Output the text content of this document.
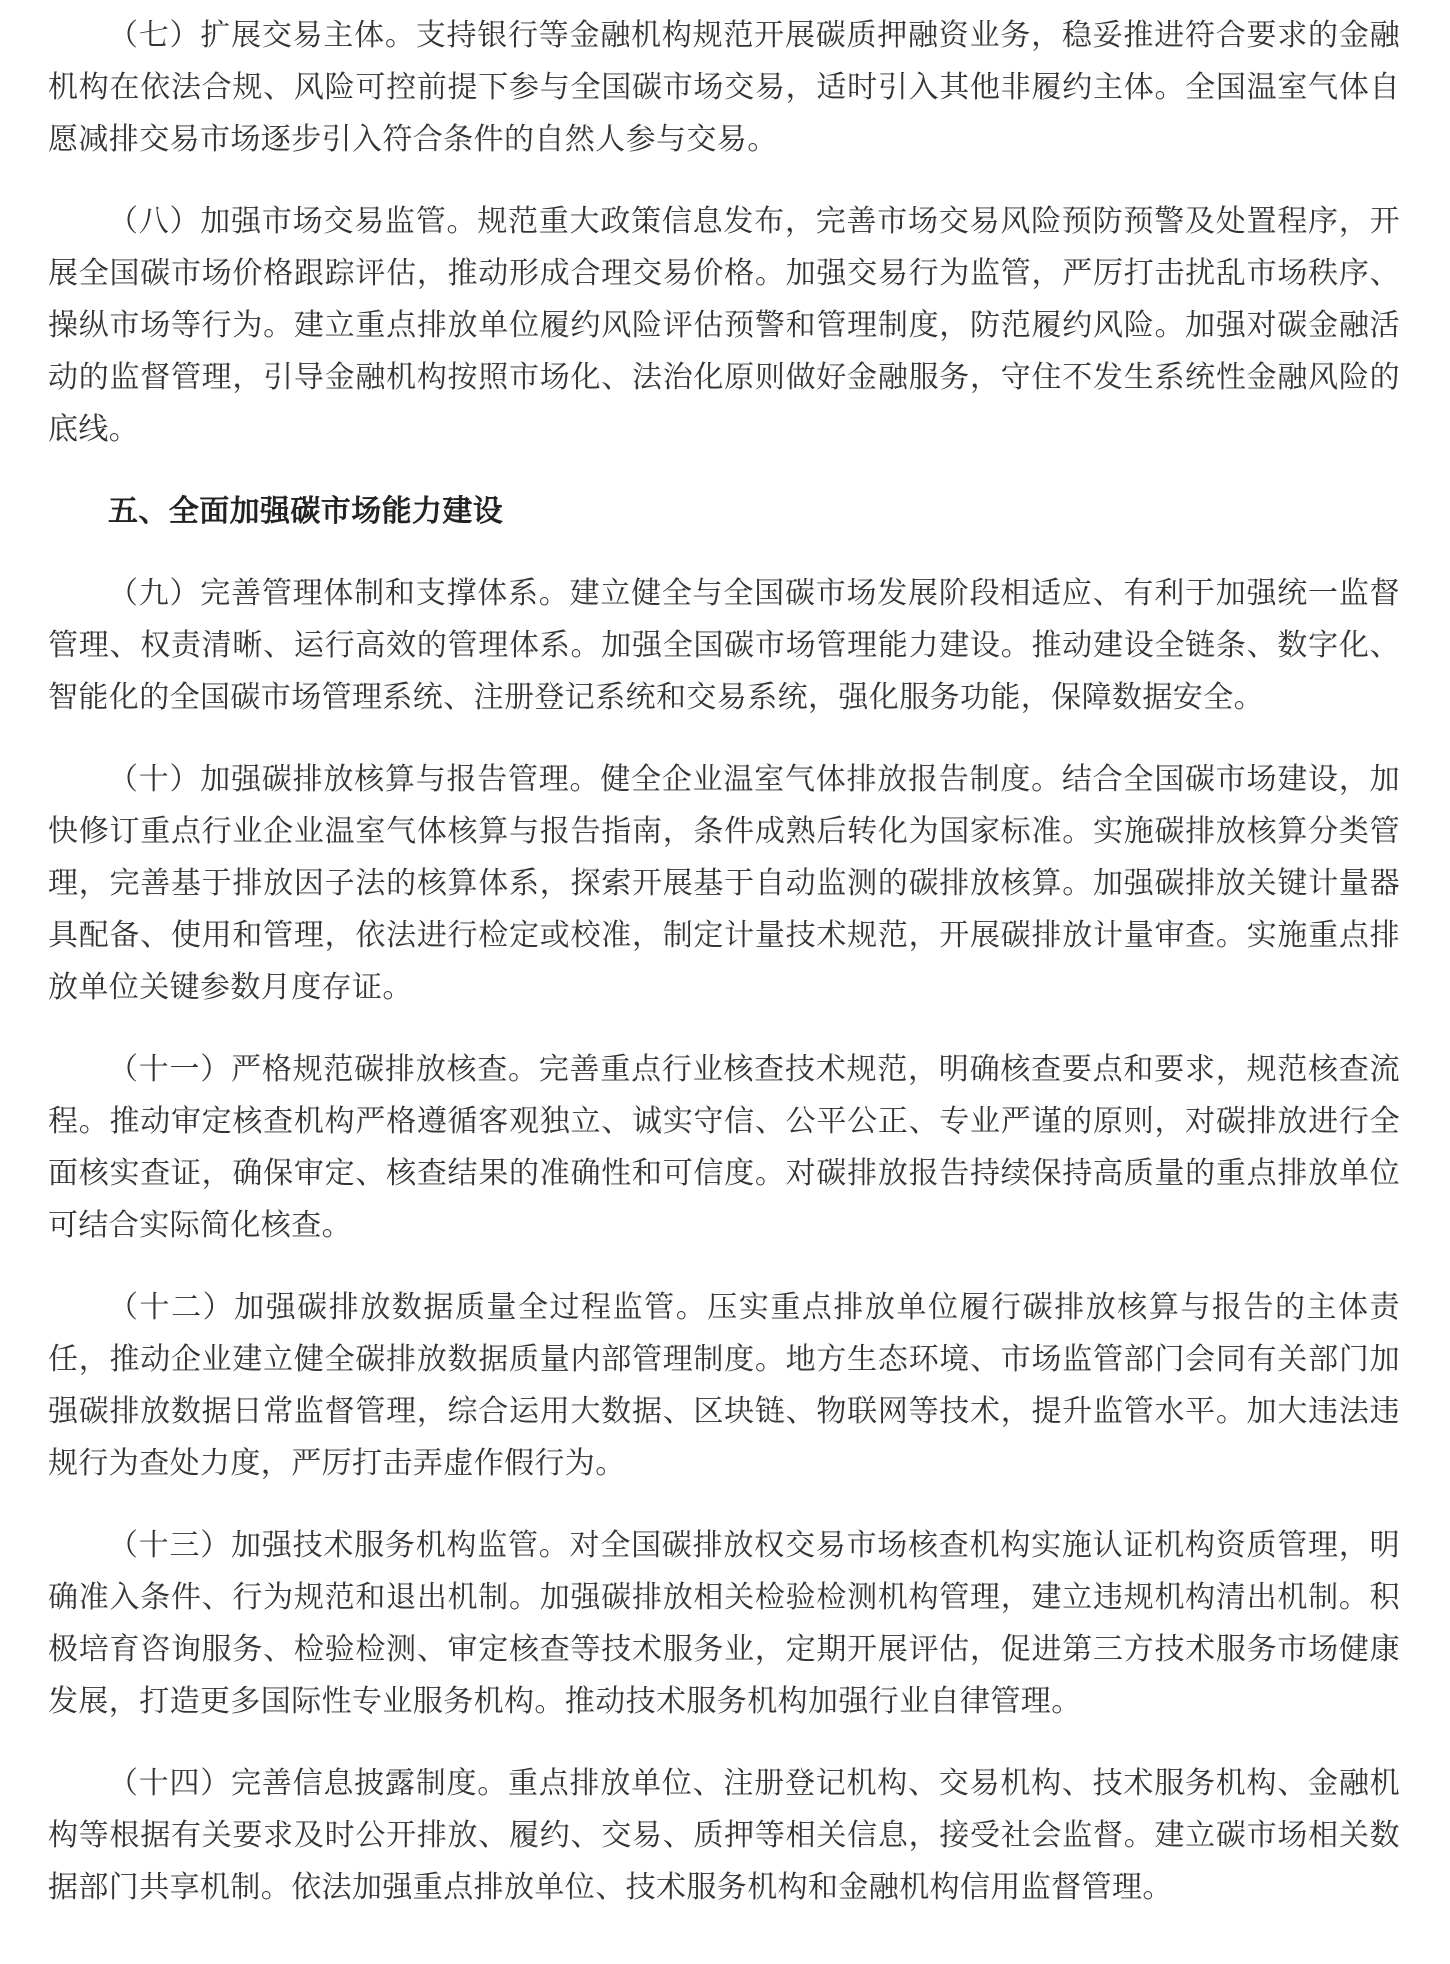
（七）扩展交易主体。支持银行等金融机构规范开展碳质押融资业务，稳妥推进符合要求的金融机构在依法合规、风险可控前提下参与全国碳市场交易，适时引入其他非履约主体。全国温室气体自愿减排交易市场逐步引入符合条件的自然人参与交易。

（八）加强市场交易监管。规范重大政策信息发布，完善市场交易风险预防预警及处置程序，开展全国碳市场价格跟踪评估，推动形成合理交易价格。加强交易行为监管，严厉打击扰乱市场秩序、操纵市场等行为。建立重点排放单位履约风险评估预警和管理制度，防范履约风险。加强对碳金融活动的监督管理，引导金融机构按照市场化、法治化原则做好金融服务，守住不发生系统性金融风险的底线。

五、全面加强碳市场能力建设

（九）完善管理体制和支撑体系。建立健全与全国碳市场发展阶段相适应、有利于加强统一监督管理、权责清晰、运行高效的管理体系。加强全国碳市场管理能力建设。推动建设全链条、数字化、智能化的全国碳市场管理系统、注册登记系统和交易系统，强化服务功能，保障数据安全。

（十）加强碳排放核算与报告管理。健全企业温室气体排放报告制度。结合全国碳市场建设，加快修订重点行业企业温室气体核算与报告指南，条件成熟后转化为国家标准。实施碳排放核算分类管理，完善基于排放因子法的核算体系，探索开展基于自动监测的碳排放核算。加强碳排放关键计量器具配备、使用和管理，依法进行检定或校准，制定计量技术规范，开展碳排放计量审查。实施重点排放单位关键参数月度存证。

（十一）严格规范碳排放核查。完善重点行业核查技术规范，明确核查要点和要求，规范核查流程。推动审定核查机构严格遵循客观独立、诚实守信、公平公正、专业严谨的原则，对碳排放进行全面核实查证，确保审定、核查结果的准确性和可信度。对碳排放报告持续保持高质量的重点排放单位可结合实际简化核查。

（十二）加强碳排放数据质量全过程监管。压实重点排放单位履行碳排放核算与报告的主体责任，推动企业建立健全碳排放数据质量内部管理制度。地方生态环境、市场监管部门会同有关部门加强碳排放数据日常监督管理，综合运用大数据、区块链、物联网等技术，提升监管水平。加大违法违规行为查处力度，严厉打击弄虚作假行为。

（十三）加强技术服务机构监管。对全国碳排放权交易市场核查机构实施认证机构资质管理，明确准入条件、行为规范和退出机制。加强碳排放相关检验检测机构管理，建立违规机构清出机制。积极培育咨询服务、检验检测、审定核查等技术服务业，定期开展评估，促进第三方技术服务市场健康发展，打造更多国际性专业服务机构。推动技术服务机构加强行业自律管理。

（十四）完善信息披露制度。重点排放单位、注册登记机构、交易机构、技术服务机构、金融机构等根据有关要求及时公开排放、履约、交易、质押等相关信息，接受社会监督。建立碳市场相关数据部门共享机制。依法加强重点排放单位、技术服务机构和金融机构信用监督管理。
